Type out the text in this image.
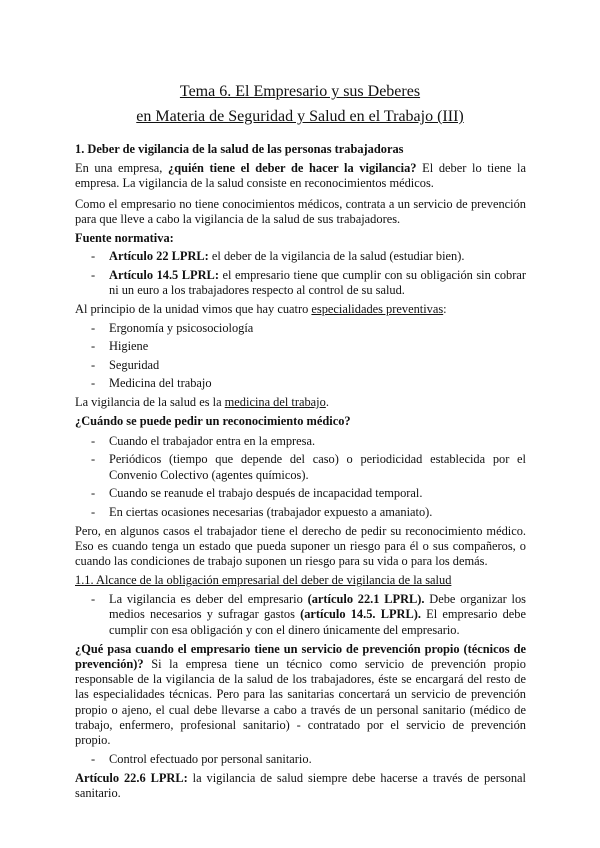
Tema 6. El Empresario y sus Deberes
en Materia de Seguridad y Salud en el Trabajo (III)
1. Deber de vigilancia de la salud de las personas trabajadoras
En una empresa, ¿quién tiene el deber de hacer la vigilancia? El deber lo tiene la empresa. La vigilancia de la salud consiste en reconocimientos médicos.
Como el empresario no tiene conocimientos médicos, contrata a un servicio de prevención para que lleve a cabo la vigilancia de la salud de sus trabajadores.
Fuente normativa:
- Artículo 22 LPRL: el deber de la vigilancia de la salud (estudiar bien).
- Artículo 14.5 LPRL: el empresario tiene que cumplir con su obligación sin cobrar ni un euro a los trabajadores respecto al control de su salud.
Al principio de la unidad vimos que hay cuatro especialidades preventivas:
- Ergonomía y psicosociología
- Higiene
- Seguridad
- Medicina del trabajo
La vigilancia de la salud es la medicina del trabajo.
¿Cuándo se puede pedir un reconocimiento médico?
- Cuando el trabajador entra en la empresa.
- Periódicos (tiempo que depende del caso) o periodicidad establecida por el Convenio Colectivo (agentes químicos).
- Cuando se reanude el trabajo después de incapacidad temporal.
- En ciertas ocasiones necesarias (trabajador expuesto a amaniato).
Pero, en algunos casos el trabajador tiene el derecho de pedir su reconocimiento médico. Eso es cuando tenga un estado que pueda suponer un riesgo para él o sus compañeros, o cuando las condiciones de trabajo suponen un riesgo para su vida o para los demás.
1.1. Alcance de la obligación empresarial del deber de vigilancia de la salud
- La vigilancia es deber del empresario (artículo 22.1 LPRL). Debe organizar los medios necesarios y sufragar gastos (artículo 14.5. LPRL). El empresario debe cumplir con esa obligación y con el dinero únicamente del empresario.
¿Qué pasa cuando el empresario tiene un servicio de prevención propio (técnicos de prevención)? Si la empresa tiene un técnico como servicio de prevención propio responsable de la vigilancia de la salud de los trabajadores, éste se encargará del resto de las especialidades técnicas. Pero para las sanitarias concertará un servicio de prevención propio o ajeno, el cual debe llevarse a cabo a través de un personal sanitario (médico de trabajo, enfermero, profesional sanitario) - contratado por el servicio de prevención propio.
- Control efectuado por personal sanitario.
Artículo 22.6 LPRL: la vigilancia de salud siempre debe hacerse a través de personal sanitario.
